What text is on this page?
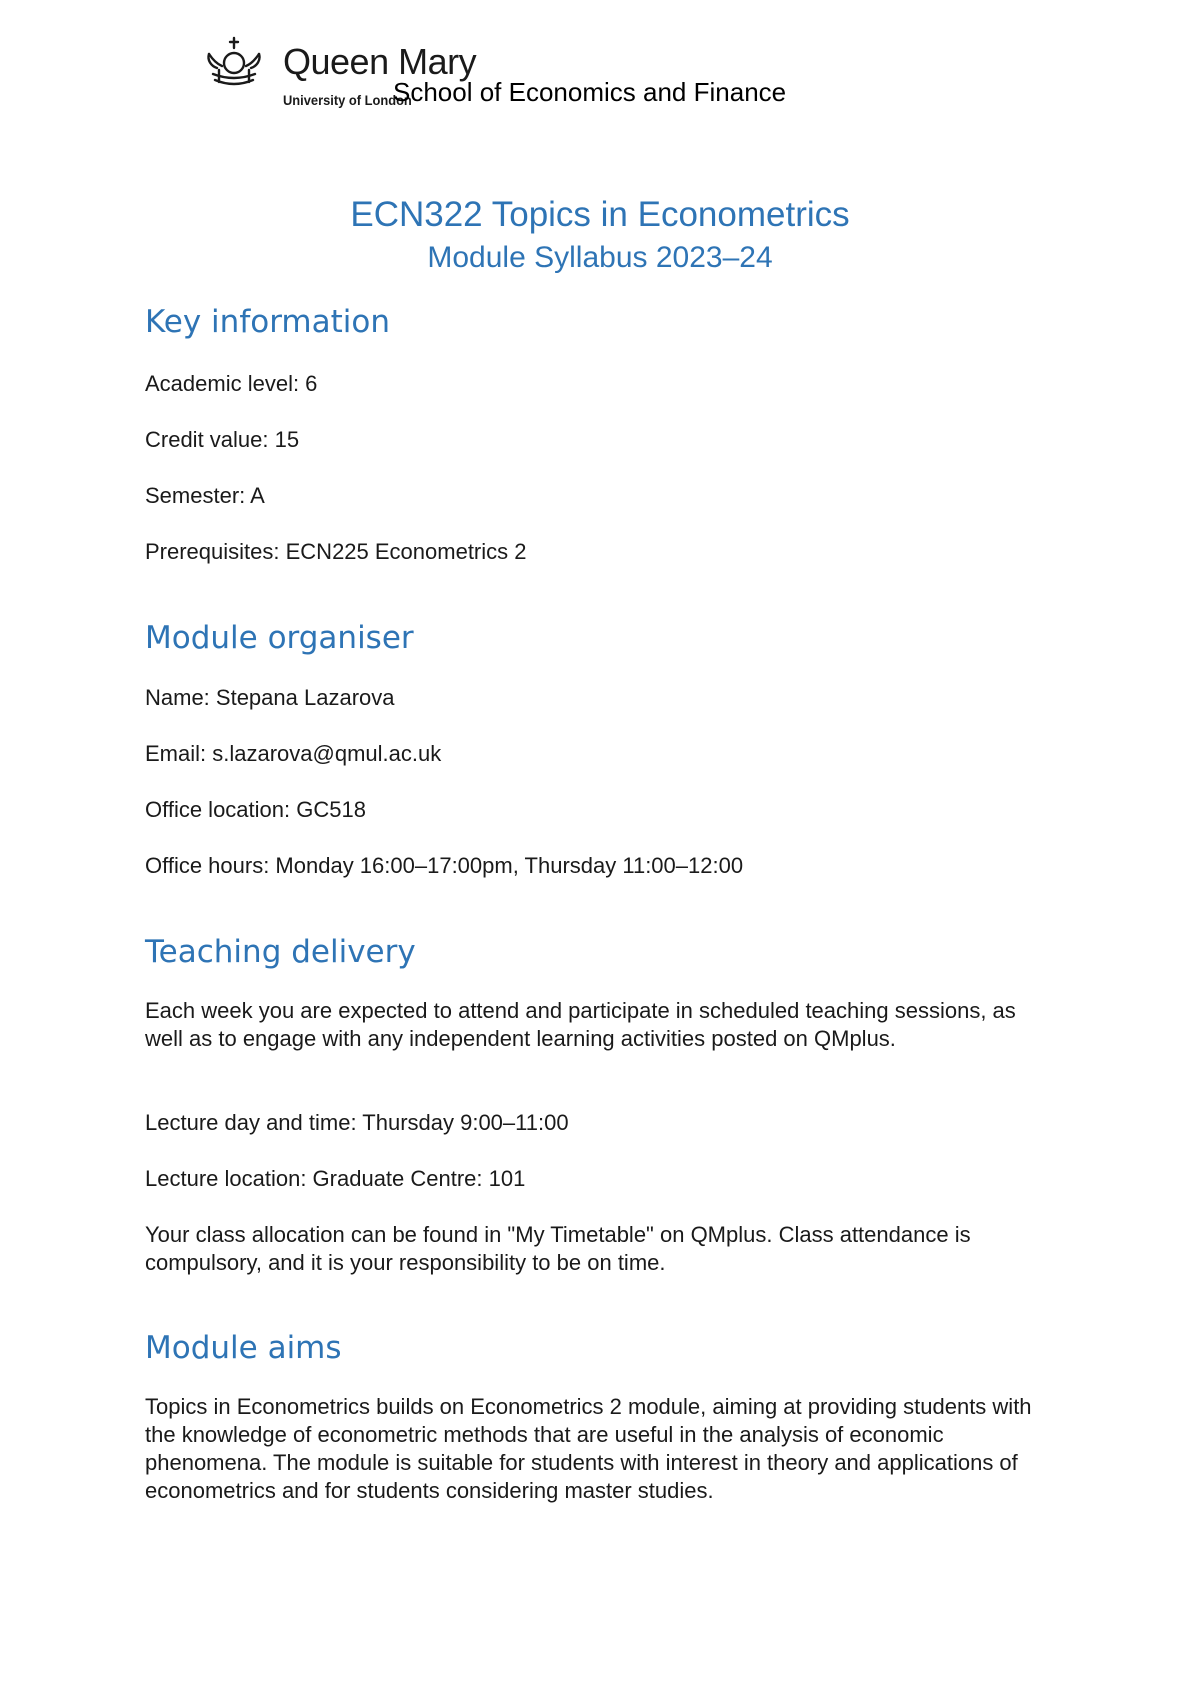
Queen Mary
University of London
School of Economics and Finance
ECN322 Topics in Econometrics
Module Syllabus 2023–24
Key information

Academic level: 6

Credit value: 15

Semester: A

Prerequisites: ECN225 Econometrics 2

Module organiser

Name: Stepana Lazarova

Email: s.lazarova@qmul.ac.uk

Office location: GC518

Office hours: Monday 16:00–17:00pm, Thursday 11:00–12:00

Teaching delivery

Each week you are expected to attend and participate in scheduled teaching sessions, as well as to engage with any independent learning activities posted on QMplus.

Lecture day and time: Thursday 9:00–11:00

Lecture location: Graduate Centre: 101

Your class allocation can be found in "My Timetable" on QMplus. Class attendance is compulsory, and it is your responsibility to be on time.

Module aims

Topics in Econometrics builds on Econometrics 2 module, aiming at providing students with the knowledge of econometric methods that are useful in the analysis of economic phenomena. The module is suitable for students with interest in theory and applications of econometrics and for students considering master studies.
